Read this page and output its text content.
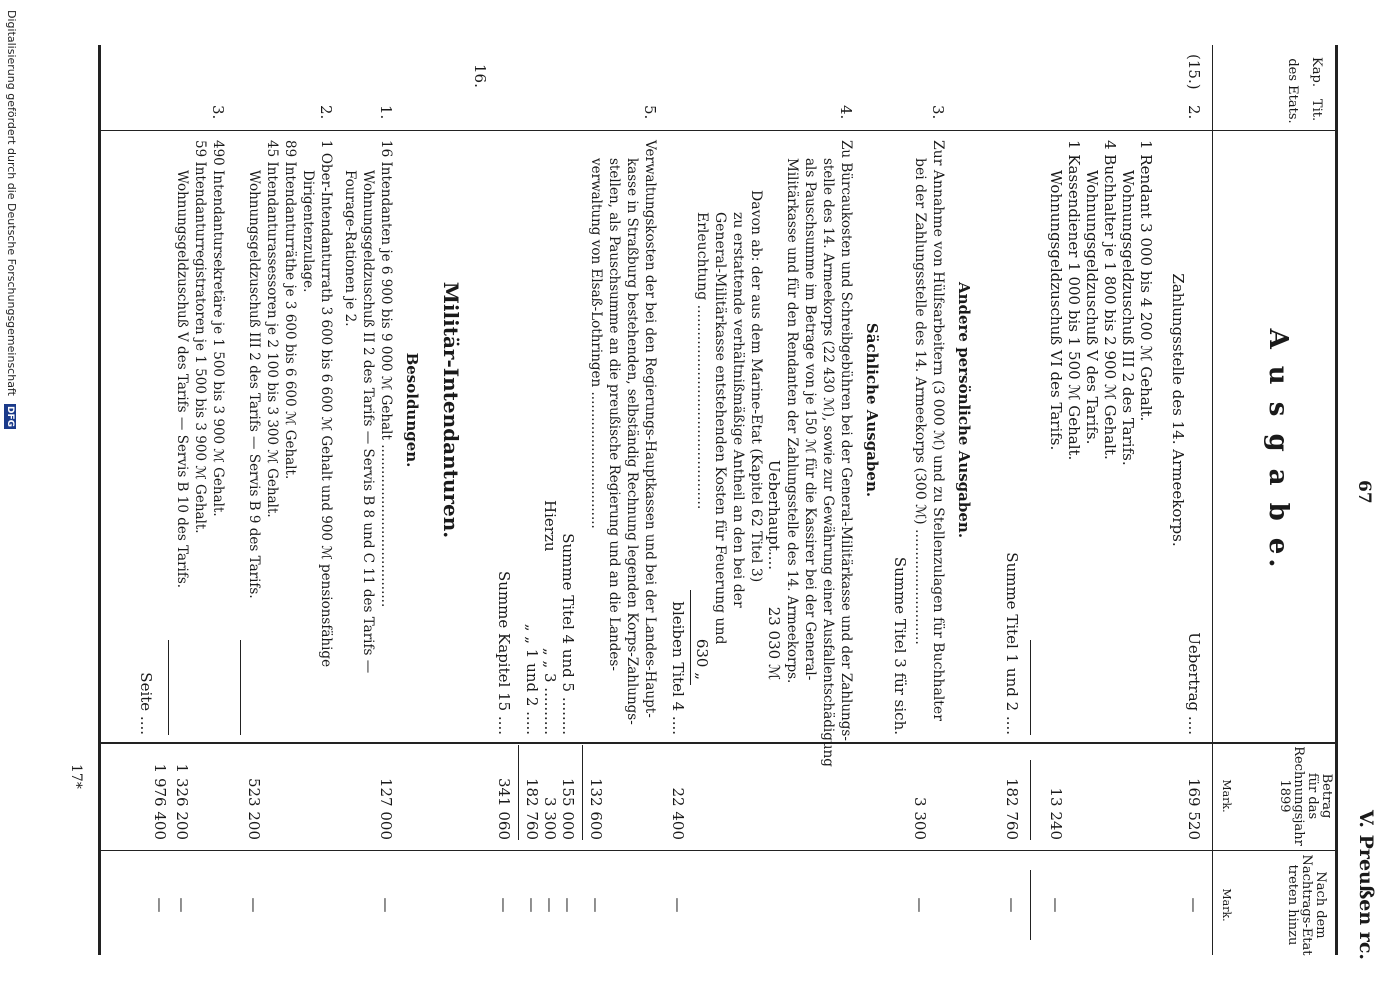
67
V. Preußen rc.
Kap.
Tit.
des Etats.
A u s g a b e.
Betrag
für das
Rechnungsjahr
1899
Mark.
Nach dem
Nachtrags-Etat
treten hinzu
Mark.
(15.)
2.
Zahlungsstelle des 14. Armeekorps.
Uebertrag ....
169 520
—
1 Rendant 3 000 bis 4 200 ℳ Gehalt.
Wohnungsgeldzuschuß III 2 des Tarifs.
4 Buchhalter je 1 800 bis 2 900 ℳ Gehalt.
Wohnungsgeldzuschuß V des Tarifs.
1 Kassendiener 1 000 bis 1 500 ℳ Gehalt.
Wohnungsgeldzuschuß VI des Tarifs.
13 240
—
Summe Titel 1 und 2 ....
182 760
—
Andere persönliche Ausgaben.
3.
Zur Annahme von Hülfsarbeitern (3 000 ℳ) und zu Stellenzulagen für Buchhalter
bei der Zahlungsstelle des 14. Armeekorps (300 ℳ) ..........................
3 300
—
Summe Titel 3 für sich.
Sächliche Ausgaben.
4.
Zu Bürcaukosten und Schreibgebühren bei der General-Militärkasse und der Zahlungs-
stelle des 14. Armeekorps (22 430 ℳ), sowie zur Gewährung einer Ausfallentschädigung
als Pauschsumme im Betrage von je 150 ℳ für die Kassirer bei der General-
Militärkasse und für den Rendanten der Zahlungsstelle des 14. Armeekorps.
Ueberhaupt....
23 030 ℳ
Davon ab: der aus dem Marine-Etat (Kapitel 62 Titel 3)
zu erstattende verhältnißmäßige Antheil an den bei der
General-Militärkasse entstehenden Kosten für Feuerung und
Erleuchtung ..............................................
630 „
bleiben Titel 4 ....
22 400
—
5.
Verwaltungskosten der bei den Regierungs-Hauptkassen und bei der Landes-Haupt-
kasse in Straßburg bestehenden, selbständig Rechnung legenden Korps-Zahlungs-
stellen, als Pauschsumme an die preußische Regierung und an die Landes-
verwaltung von Elsaß-Lothringen ................................
132 600
—
Summe Titel 4 und 5 ........
155 000
—
Hierzu
„ „ 3 ..........
3 300
—
„ „ 1 und 2 .....
182 760
—
Summe Kapitel 15 ....
341 060
—
16.
Militär-Intendanturen.
Besoldungen.
1.
16 Intendanten je 6 900 bis 9 000 ℳ Gehalt ......................................
Wohnungsgeldzuschuß II 2 des Tarifs — Servis B 8 und C 11 des Tarifs —
Fourage-Rationen je 2.
127 000
—
2.
1 Ober-Intendanturrath 3 600 bis 6 600 ℳ Gehalt und 900 ℳ pensionsfähige
Dirigentenzulage.
89 Intendanturräthe je 3 600 bis 6 600 ℳ Gehalt.
45 Intendanturassessoren je 2 100 bis 3 300 ℳ Gehalt.
Wohnungsgeldzuschuß III 2 des Tarifs — Servis B 9 des Tarifs.
523 200
—
3.
490 Intendantursekretäre je 1 500 bis 3 900 ℳ Gehalt.
59 Intendanturregistratoren je 1 500 bis 3 900 ℳ Gehalt.
Wohnungsgeldzuschuß V des Tarifs — Servis B 10 des Tarifs.
1 326 200
—
Seite ....
1 976 400
—
17*
Digitalisierung gefördert durch die Deutsche Forschungsgemeinschaft DFG
